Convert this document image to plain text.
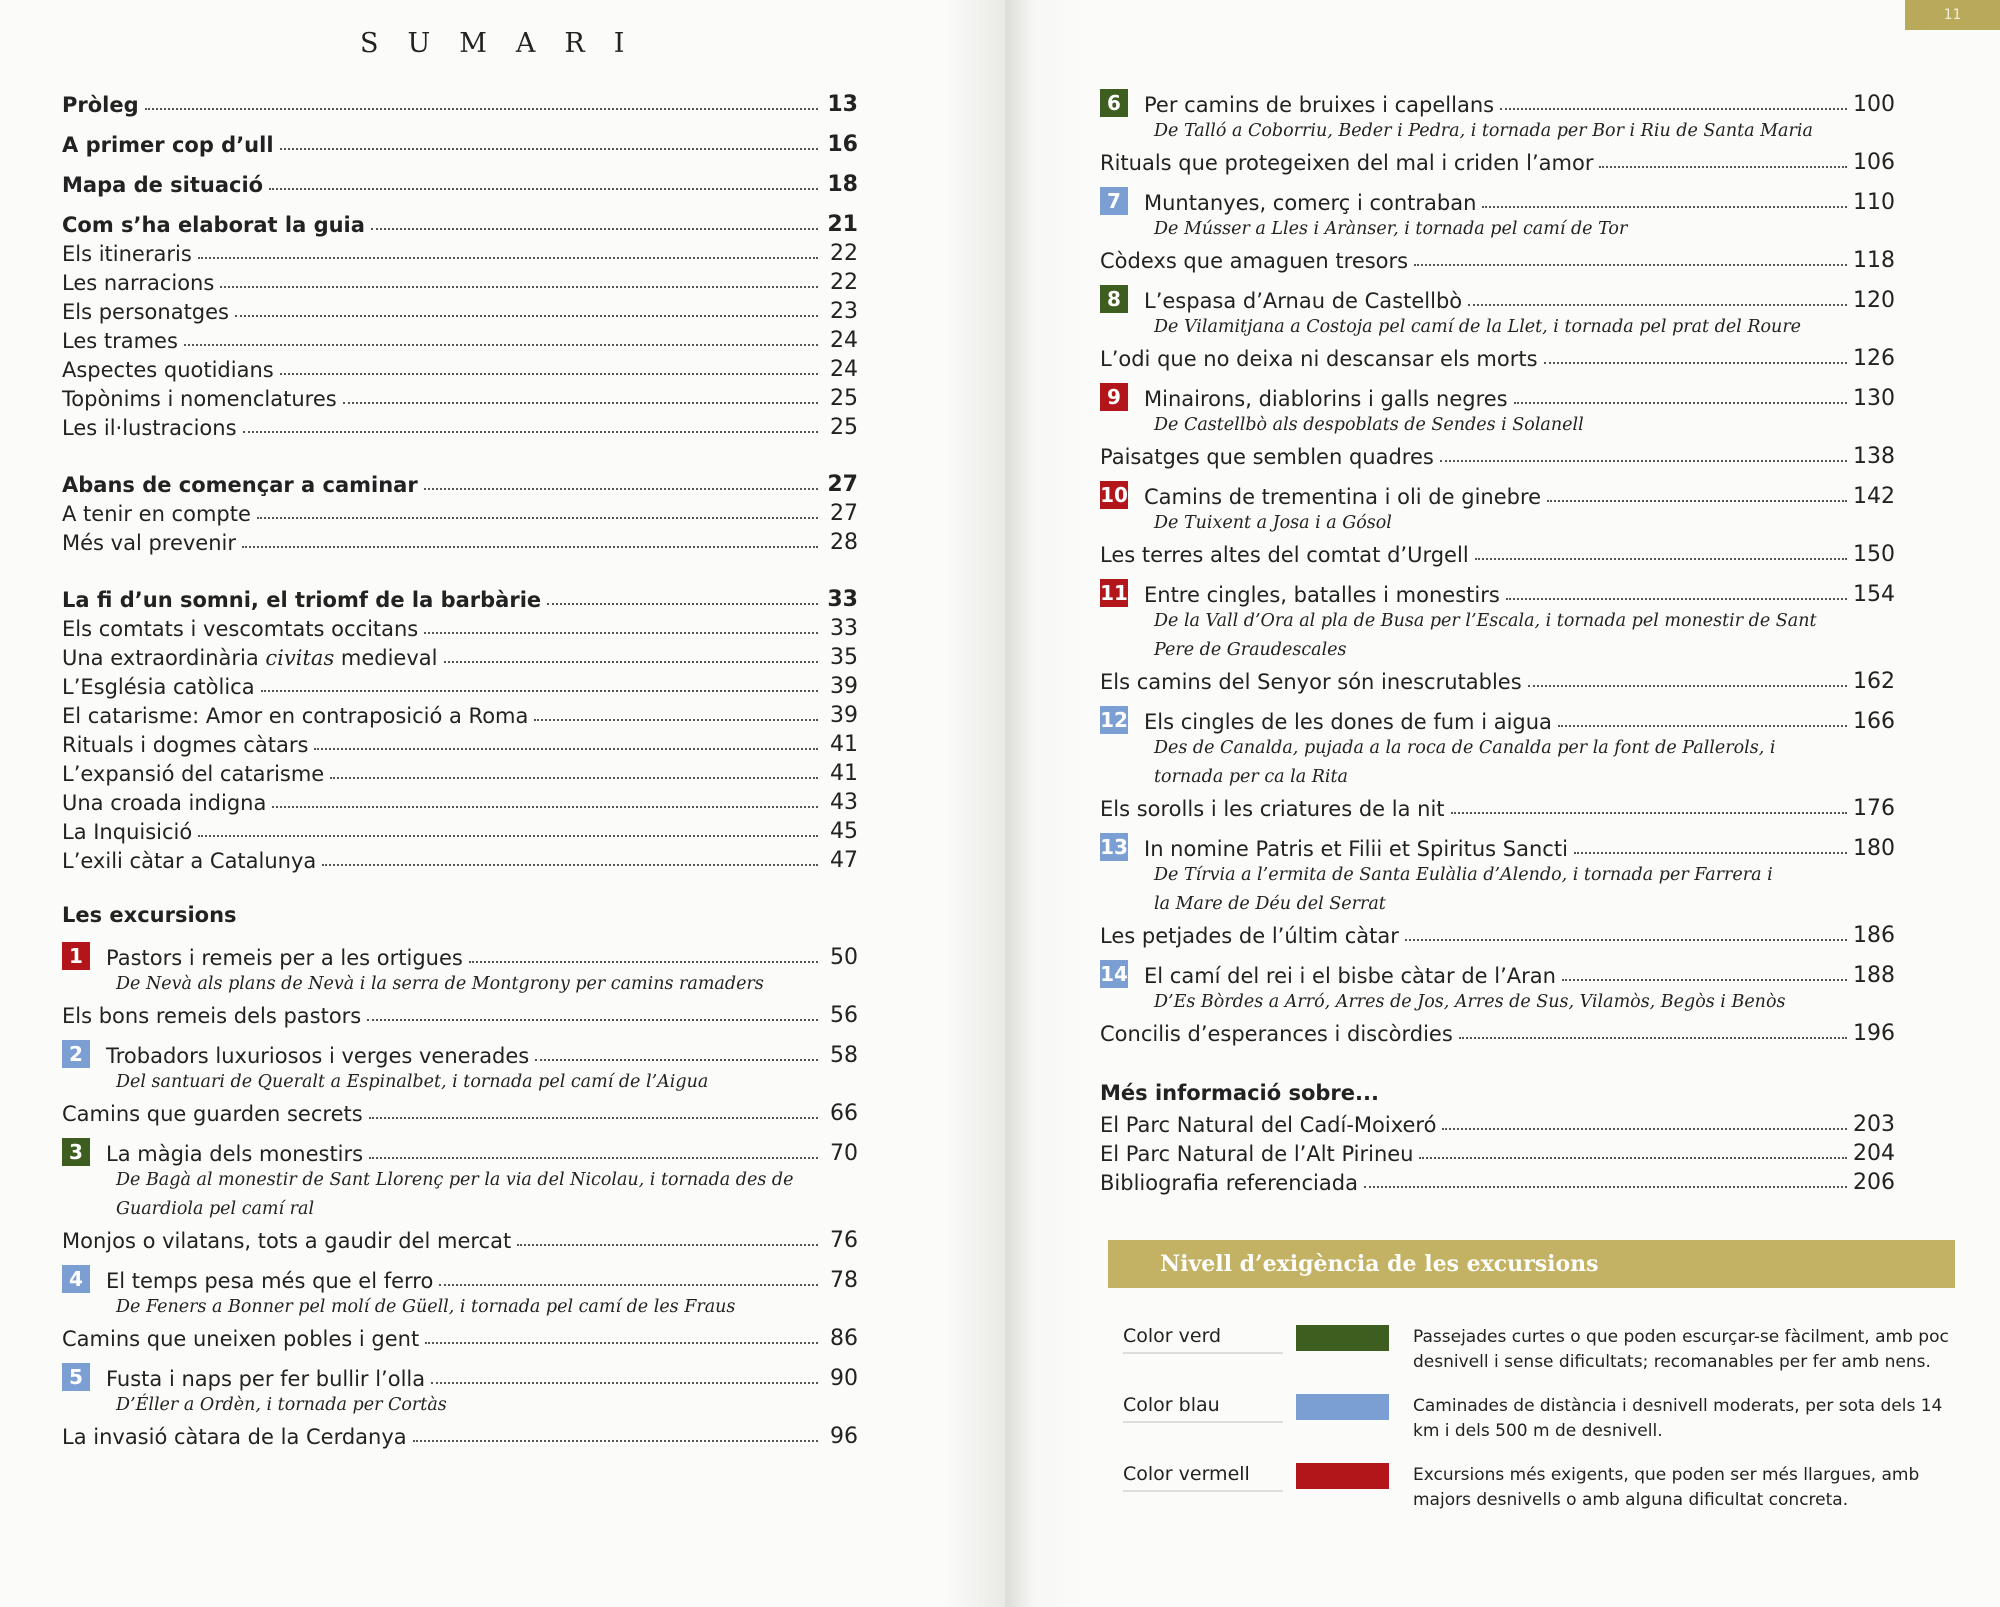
SUMARI
Pròleg	13
A primer cop d’ull	16
Mapa de situació	18
Com s’ha elaborat la guia	21
Els itineraris	22
Les narracions	22
Els personatges	23
Les trames	24
Aspectes quotidians	24
Topònims i nomenclatures	25
Les il·lustracions	25
Abans de començar a caminar	27
A tenir en compte	27
Més val prevenir	28
La fi d’un somni, el triomf de la barbàrie	33
Els comtats i vescomtats occitans	33
Una extraordinària civitas medieval	35
L’Església catòlica	39
El catarisme: Amor en contraposició a Roma	39
Rituals i dogmes càtars	41
L’expansió del catarisme	41
Una croada indigna	43
La Inquisició	45
L’exili càtar a Catalunya	47
Les excursions
1	Pastors i remeis per a les ortigues	50
De Nevà als plans de Nevà i la serra de Montgrony per camins ramaders
Els bons remeis dels pastors	56
2	Trobadors luxuriosos i verges venerades	58
Del santuari de Queralt a Espinalbet, i tornada pel camí de l’Aigua
Camins que guarden secrets	66
3	La màgia dels monestirs	70
De Bagà al monestir de Sant Llorenç per la via del Nicolau, i tornada des de
Guardiola pel camí ral
Monjos o vilatans, tots a gaudir del mercat	76
4	El temps pesa més que el ferro	78
De Feners a Bonner pel molí de Güell, i tornada pel camí de les Fraus
Camins que uneixen pobles i gent	86
5	Fusta i naps per fer bullir l’olla	90
D’Éller a Ordèn, i tornada per Cortàs
La invasió càtara de la Cerdanya	96
11
6	Per camins de bruixes i capellans	100
De Talló a Coborriu, Beder i Pedra, i tornada per Bor i Riu de Santa Maria
Rituals que protegeixen del mal i criden l’amor	106
7	Muntanyes, comerç i contraban	110
De Músser a Lles i Arànser, i tornada pel camí de Tor
Còdexs que amaguen tresors	118
8	L’espasa d’Arnau de Castellbò	120
De Vilamitjana a Costoja pel camí de la Llet, i tornada pel prat del Roure
L’odi que no deixa ni descansar els morts	126
9	Minairons, diablorins i galls negres	130
De Castellbò als despoblats de Sendes i Solanell
Paisatges que semblen quadres	138
10 Camins de trementina i oli de ginebre	142
De Tuixent a Josa i a Gósol
Les terres altes del comtat d’Urgell	150
11 Entre cingles, batalles i monestirs	154
De la Vall d’Ora al pla de Busa per l’Escala, i tornada pel monestir de Sant
Pere de Graudescales
Els camins del Senyor són inescrutables	162
12 Els cingles de les dones de fum i aigua	166
Des de Canalda, pujada a la roca de Canalda per la font de Pallerols, i
tornada per ca la Rita
Els sorolls i les criatures de la nit	176
13 In nomine Patris et Filii et Spiritus Sancti	180
De Tírvia a l’ermita de Santa Eulàlia d’Alendo, i tornada per Farrera i
la Mare de Déu del Serrat
Les petjades de l’últim càtar	186
14 El camí del rei i el bisbe càtar de l’Aran	188
D’Es Bòrdes a Arró, Arres de Jos, Arres de Sus, Vilamòs, Begòs i Benòs
Concilis d’esperances i discòrdies	196
Més informació sobre...
El Parc Natural del Cadí-Moixeró	203
El Parc Natural de l’Alt Pirineu	204
Bibliografia referenciada	206
Nivell d’exigència de les excursions
Color verd	Passejades curtes o que poden escurçar-se fàcilment, amb poc desnivell i sense dificultats; recomanables per fer amb nens.
Color blau	Caminades de distància i desnivell moderats, per sota dels 14 km i dels 500 m de desnivell.
Color vermell	Excursions més exigents, que poden ser més llargues, amb majors desnivells o amb alguna dificultat concreta.
